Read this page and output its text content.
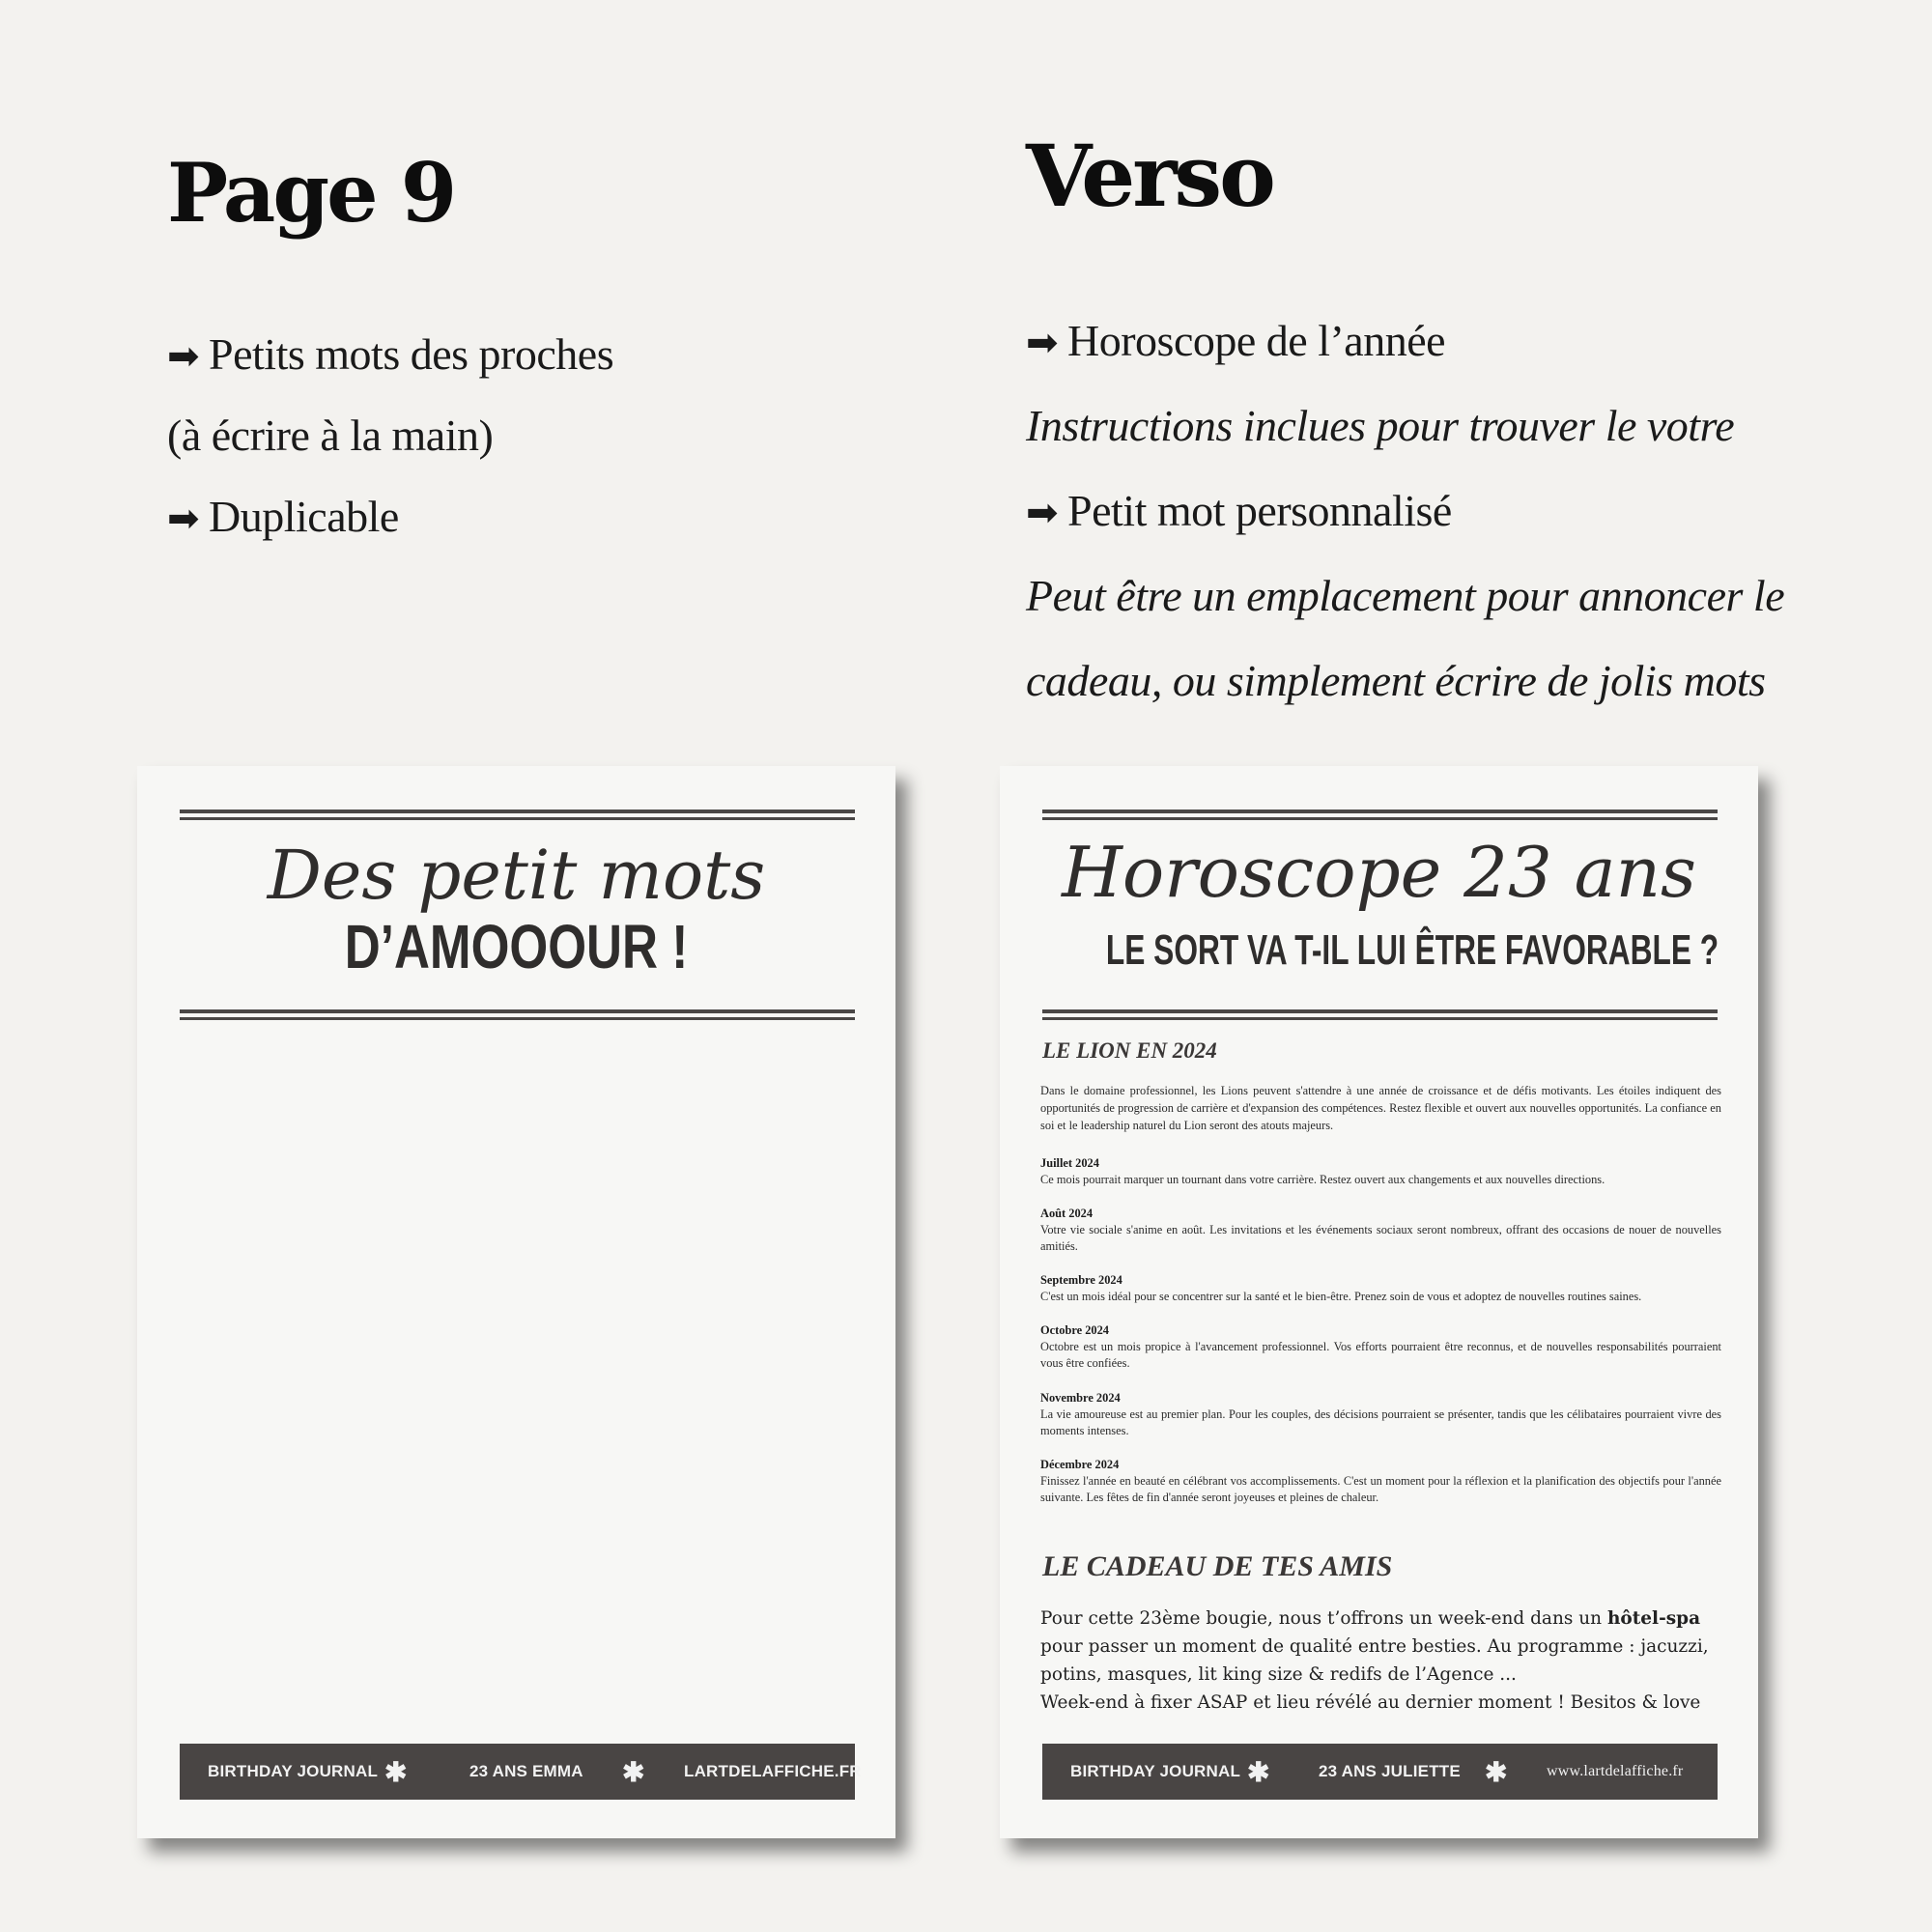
Page 9
➡ Petits mots des proches
(à écrire à la main)
➡ Duplicable
Verso
➡ Horoscope de l’année
Instructions inclues pour trouver le votre
➡ Petit mot personnalisé
Peut être un emplacement pour annoncer le
cadeau, ou simplement écrire de jolis mots
Des petit mots
D’AMOOOUR !
BIRTHDAY JOURNAL ✱	23 ANS EMMA ✱ LARTDELAFFICHE.FR
Horoscope 23 ans
LE SORT VA T-IL LUI ÊTRE FAVORABLE ?
LE LION EN 2024
Dans le domaine professionnel, les Lions peuvent s'attendre à une année de croissance et de défis motivants. Les étoiles indiquent des opportunités de progression de carrière et d'expansion des compétences. Restez flexible et ouvert aux nouvelles opportunités. La confiance en soi et le leadership naturel du Lion seront des atouts majeurs.
Juillet 2024
Ce mois pourrait marquer un tournant dans votre carrière. Restez ouvert aux changements et aux nouvelles directions.
Août 2024
Votre vie sociale s'anime en août. Les invitations et les événements sociaux seront nombreux, offrant des occasions de nouer de nouvelles amitiés.
Septembre 2024
C'est un mois idéal pour se concentrer sur la santé et le bien-être. Prenez soin de vous et adoptez de nouvelles routines saines.
Octobre 2024
Octobre est un mois propice à l'avancement professionnel. Vos efforts pourraient être reconnus, et de nouvelles responsabilités pourraient vous être confiées.
Novembre 2024
La vie amoureuse est au premier plan. Pour les couples, des décisions pourraient se présenter, tandis que les célibataires pourraient vivre des moments intenses.
Décembre 2024
Finissez l'année en beauté en célébrant vos accomplissements. C'est un moment pour la réflexion et la planification des objectifs pour l'année suivante. Les fêtes de fin d'année seront joyeuses et pleines de chaleur.
LE CADEAU DE TES AMIS
Pour cette 23ème bougie, nous t’offrons un week-end dans un hôtel-spa
pour passer un moment de qualité entre besties. Au programme : jacuzzi,
potins, masques, lit king size & redifs de l’Agence ...
Week-end à fixer ASAP et lieu révélé au dernier moment ! Besitos & love
BIRTHDAY JOURNAL ✱	23 ANS JULIETTE ✱	www.lartdelaffiche.fr
